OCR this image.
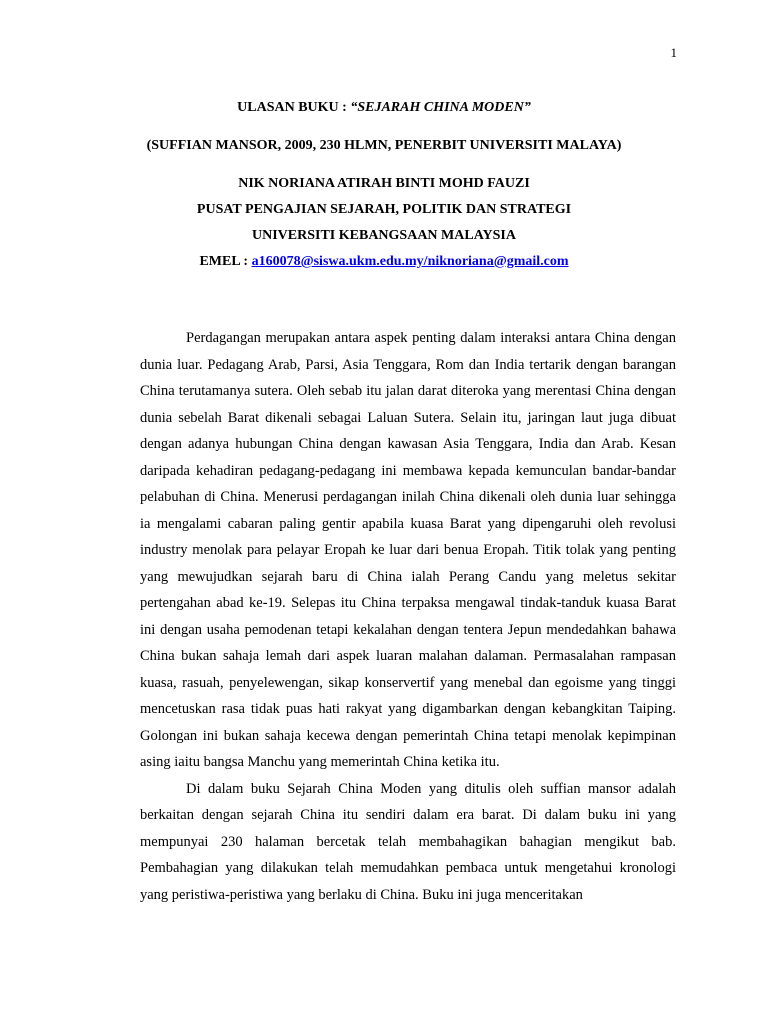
1
ULASAN BUKU : “SEJARAH CHINA MODEN”
(SUFFIAN MANSOR, 2009, 230 HLMN, PENERBIT UNIVERSITI MALAYA)
NIK NORIANA ATIRAH BINTI MOHD FAUZI
PUSAT PENGAJIAN SEJARAH, POLITIK DAN STRATEGI
UNIVERSITI KEBANGSAAN MALAYSIA
EMEL : a160078@siswa.ukm.edu.my/niknoriana@gmail.com

Perdagangan merupakan antara aspek penting dalam interaksi antara China dengan dunia luar. Pedagang Arab, Parsi, Asia Tenggara, Rom dan India tertarik dengan barangan China terutamanya sutera. Oleh sebab itu jalan darat diteroka yang merentasi China dengan dunia sebelah Barat dikenali sebagai Laluan Sutera. Selain itu, jaringan laut juga dibuat dengan adanya hubungan China dengan kawasan Asia Tenggara, India dan Arab. Kesan daripada kehadiran pedagang-pedagang ini membawa kepada kemunculan bandar-bandar pelabuhan di China. Menerusi perdagangan inilah China dikenali oleh dunia luar sehingga ia mengalami cabaran paling gentir apabila kuasa Barat yang dipengaruhi oleh revolusi industry menolak para pelayar Eropah ke luar dari benua Eropah. Titik tolak yang penting yang mewujudkan sejarah baru di China ialah Perang Candu yang meletus sekitar pertengahan abad ke-19. Selepas itu China terpaksa mengawal tindak-tanduk kuasa Barat ini dengan usaha pemodenan tetapi kekalahan dengan tentera Jepun mendedahkan bahawa China bukan sahaja lemah dari aspek luaran malahan dalaman. Permasalahan rampasan kuasa, rasuah, penyelewengan, sikap konservertif yang menebal dan egoisme yang tinggi mencetuskan rasa tidak puas hati rakyat yang digambarkan dengan kebangkitan Taiping. Golongan ini bukan sahaja kecewa dengan pemerintah China tetapi menolak kepimpinan asing iaitu bangsa Manchu yang memerintah China ketika itu.

Di dalam buku Sejarah China Moden yang ditulis oleh suffian mansor adalah berkaitan dengan sejarah China itu sendiri dalam era barat. Di dalam buku ini yang mempunyai 230 halaman bercetak telah membahagikan bahagian mengikut bab. Pembahagian yang dilakukan telah memudahkan pembaca untuk mengetahui kronologi yang peristiwa-peristiwa yang berlaku di China. Buku ini juga menceritakan
